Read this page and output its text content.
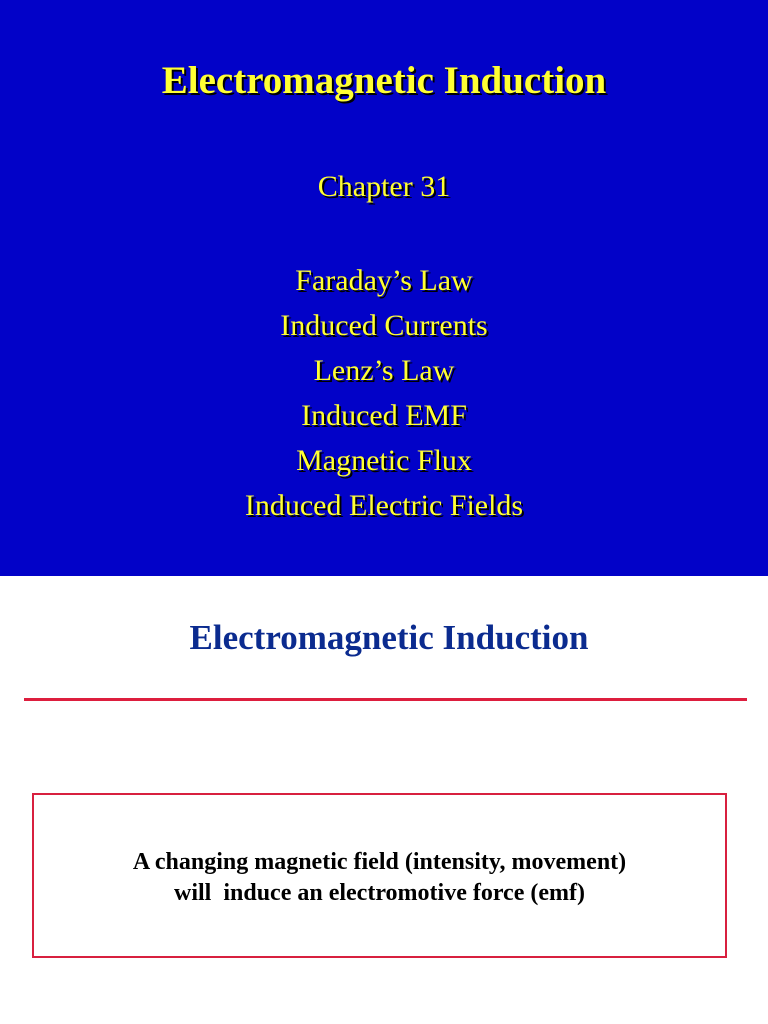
Electromagnetic Induction
Chapter 31
Faraday’s Law
Induced Currents
Lenz’s Law
Induced EMF
Magnetic Flux
Induced Electric Fields
Electromagnetic Induction

A changing magnetic field (intensity, movement)
will  induce an electromotive force (emf)
